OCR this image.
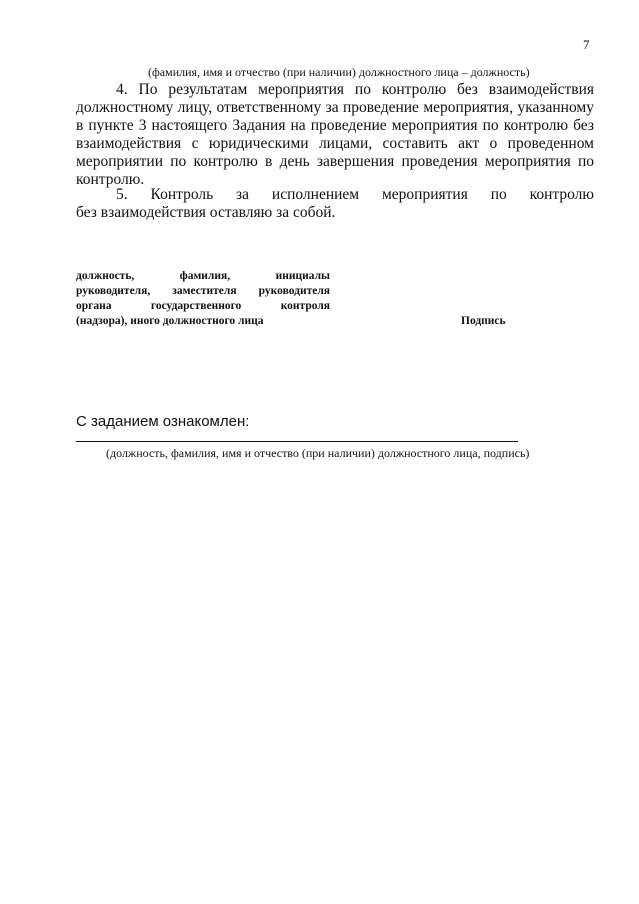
7
(фамилия, имя и отчество (при наличии) должностного лица – должность)
4. По результатам мероприятия по контролю без взаимодействия должностному лицу, ответственному за проведение мероприятия, указанному в пункте 3 настоящего Задания на проведение мероприятия по контролю без взаимодействия с юридическими лицами, составить акт о проведенном мероприятии по контролю в день завершения проведения мероприятия по контролю.
5. Контроль за исполнением мероприятия по контролю
без взаимодействия оставляю за собой.
должность, фамилия, инициалы
руководителя, заместителя руководителя
органа государственного контроля
(надзора), иного должностного лица	Подпись
С заданием ознакомлен:
(должность, фамилия, имя и отчество (при наличии) должностного лица, подпись)
